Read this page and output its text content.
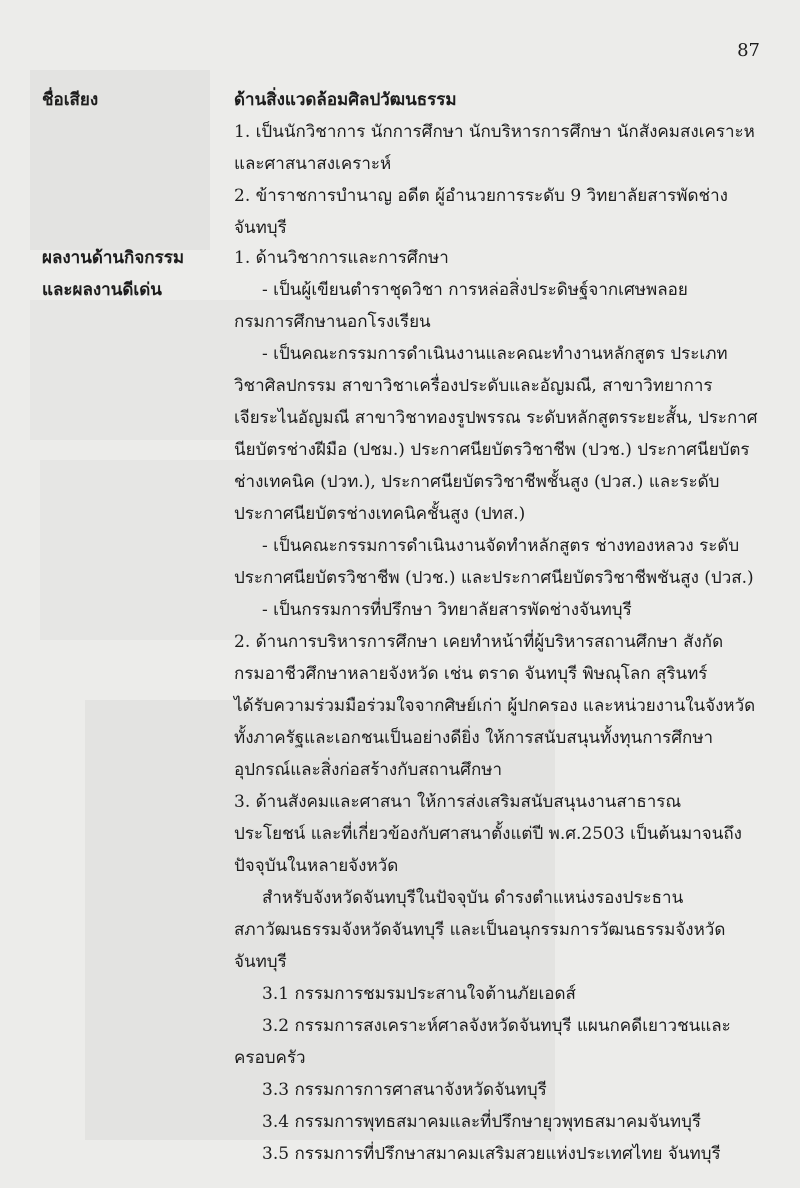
87
ชื่อเสียง	ด้านสิ่งแวดล้อมศิลปวัฒนธรรม
1. เป็นนักวิชาการ นักการศึกษา นักบริหารการศึกษา นักสังคมสงเคราะห
และศาสนาสงเคราะห์
2. ข้าราชการบำนาญ อดีต ผู้อำนวยการระดับ 9 วิทยาลัยสารพัดช่าง
จันทบุรี
ผลงานด้านกิจกรรม
และผลงานดีเด่น
1. ด้านวิชาการและการศึกษา
- เป็นผู้เขียนตำราชุดวิชา การหล่อสิ่งประดิษฐ์จากเศษพลอย
กรมการศึกษานอกโรงเรียน
- เป็นคณะกรรมการดำเนินงานและคณะทำงานหลักสูตร ประเภท
วิชาศิลปกรรม สาขาวิชาเครื่องประดับและอัญมณี, สาขาวิทยาการ
เจียระไนอัญมณี สาขาวิชาทองรูปพรรณ ระดับหลักสูตรระยะสั้น, ประกาศ
นียบัตรช่างฝีมือ (ปชม.) ประกาศนียบัตรวิชาชีพ (ปวช.) ประกาศนียบัตร
ช่างเทคนิค (ปวท.), ประกาศนียบัตรวิชาชีพชั้นสูง (ปวส.) และระดับ
ประกาศนียบัตรช่างเทคนิคชั้นสูง (ปทส.)
- เป็นคณะกรรมการดำเนินงานจัดทำหลักสูตร ช่างทองหลวง ระดับ
ประกาศนียบัตรวิชาชีพ (ปวช.) และประกาศนียบัตรวิชาชีพชันสูง (ปวส.)
- เป็นกรรมการที่ปรึกษา วิทยาลัยสารพัดช่างจันทบุรี
2. ด้านการบริหารการศึกษา เคยทำหน้าที่ผู้บริหารสถานศึกษา สังกัด
กรมอาชีวศึกษาหลายจังหวัด เช่น ตราด จันทบุรี พิษณุโลก สุรินทร์
ได้รับความร่วมมือร่วมใจจากศิษย์เก่า ผู้ปกครอง และหน่วยงานในจังหวัด
ทั้งภาครัฐและเอกชนเป็นอย่างดียิ่ง ให้การสนับสนุนทั้งทุนการศึกษา
อุปกรณ์และสิ่งก่อสร้างกับสถานศึกษา
3. ด้านสังคมและศาสนา ให้การส่งเสริมสนับสนุนงานสาธารณ
ประโยชน์ และที่เกี่ยวข้องกับศาสนาตั้งแต่ปี พ.ศ.2503 เป็นต้นมาจนถึง
ปัจจุบันในหลายจังหวัด
สำหรับจังหวัดจันทบุรีในปัจจุบัน ดำรงตำแหน่งรองประธาน
สภาวัฒนธรรมจังหวัดจันทบุรี และเป็นอนุกรรมการวัฒนธรรมจังหวัด
จันทบุรี
3.1 กรรมการชมรมประสานใจต้านภัยเอดส์
3.2 กรรมการสงเคราะห์ศาลจังหวัดจันทบุรี แผนกคดีเยาวชนและ
ครอบครัว
3.3 กรรมการการศาสนาจังหวัดจันทบุรี
3.4 กรรมการพุทธสมาคมและที่ปรึกษายุวพุทธสมาคมจันทบุรี
3.5 กรรมการที่ปรึกษาสมาคมเสริมสวยแห่งประเทศไทย จันทบุรี
